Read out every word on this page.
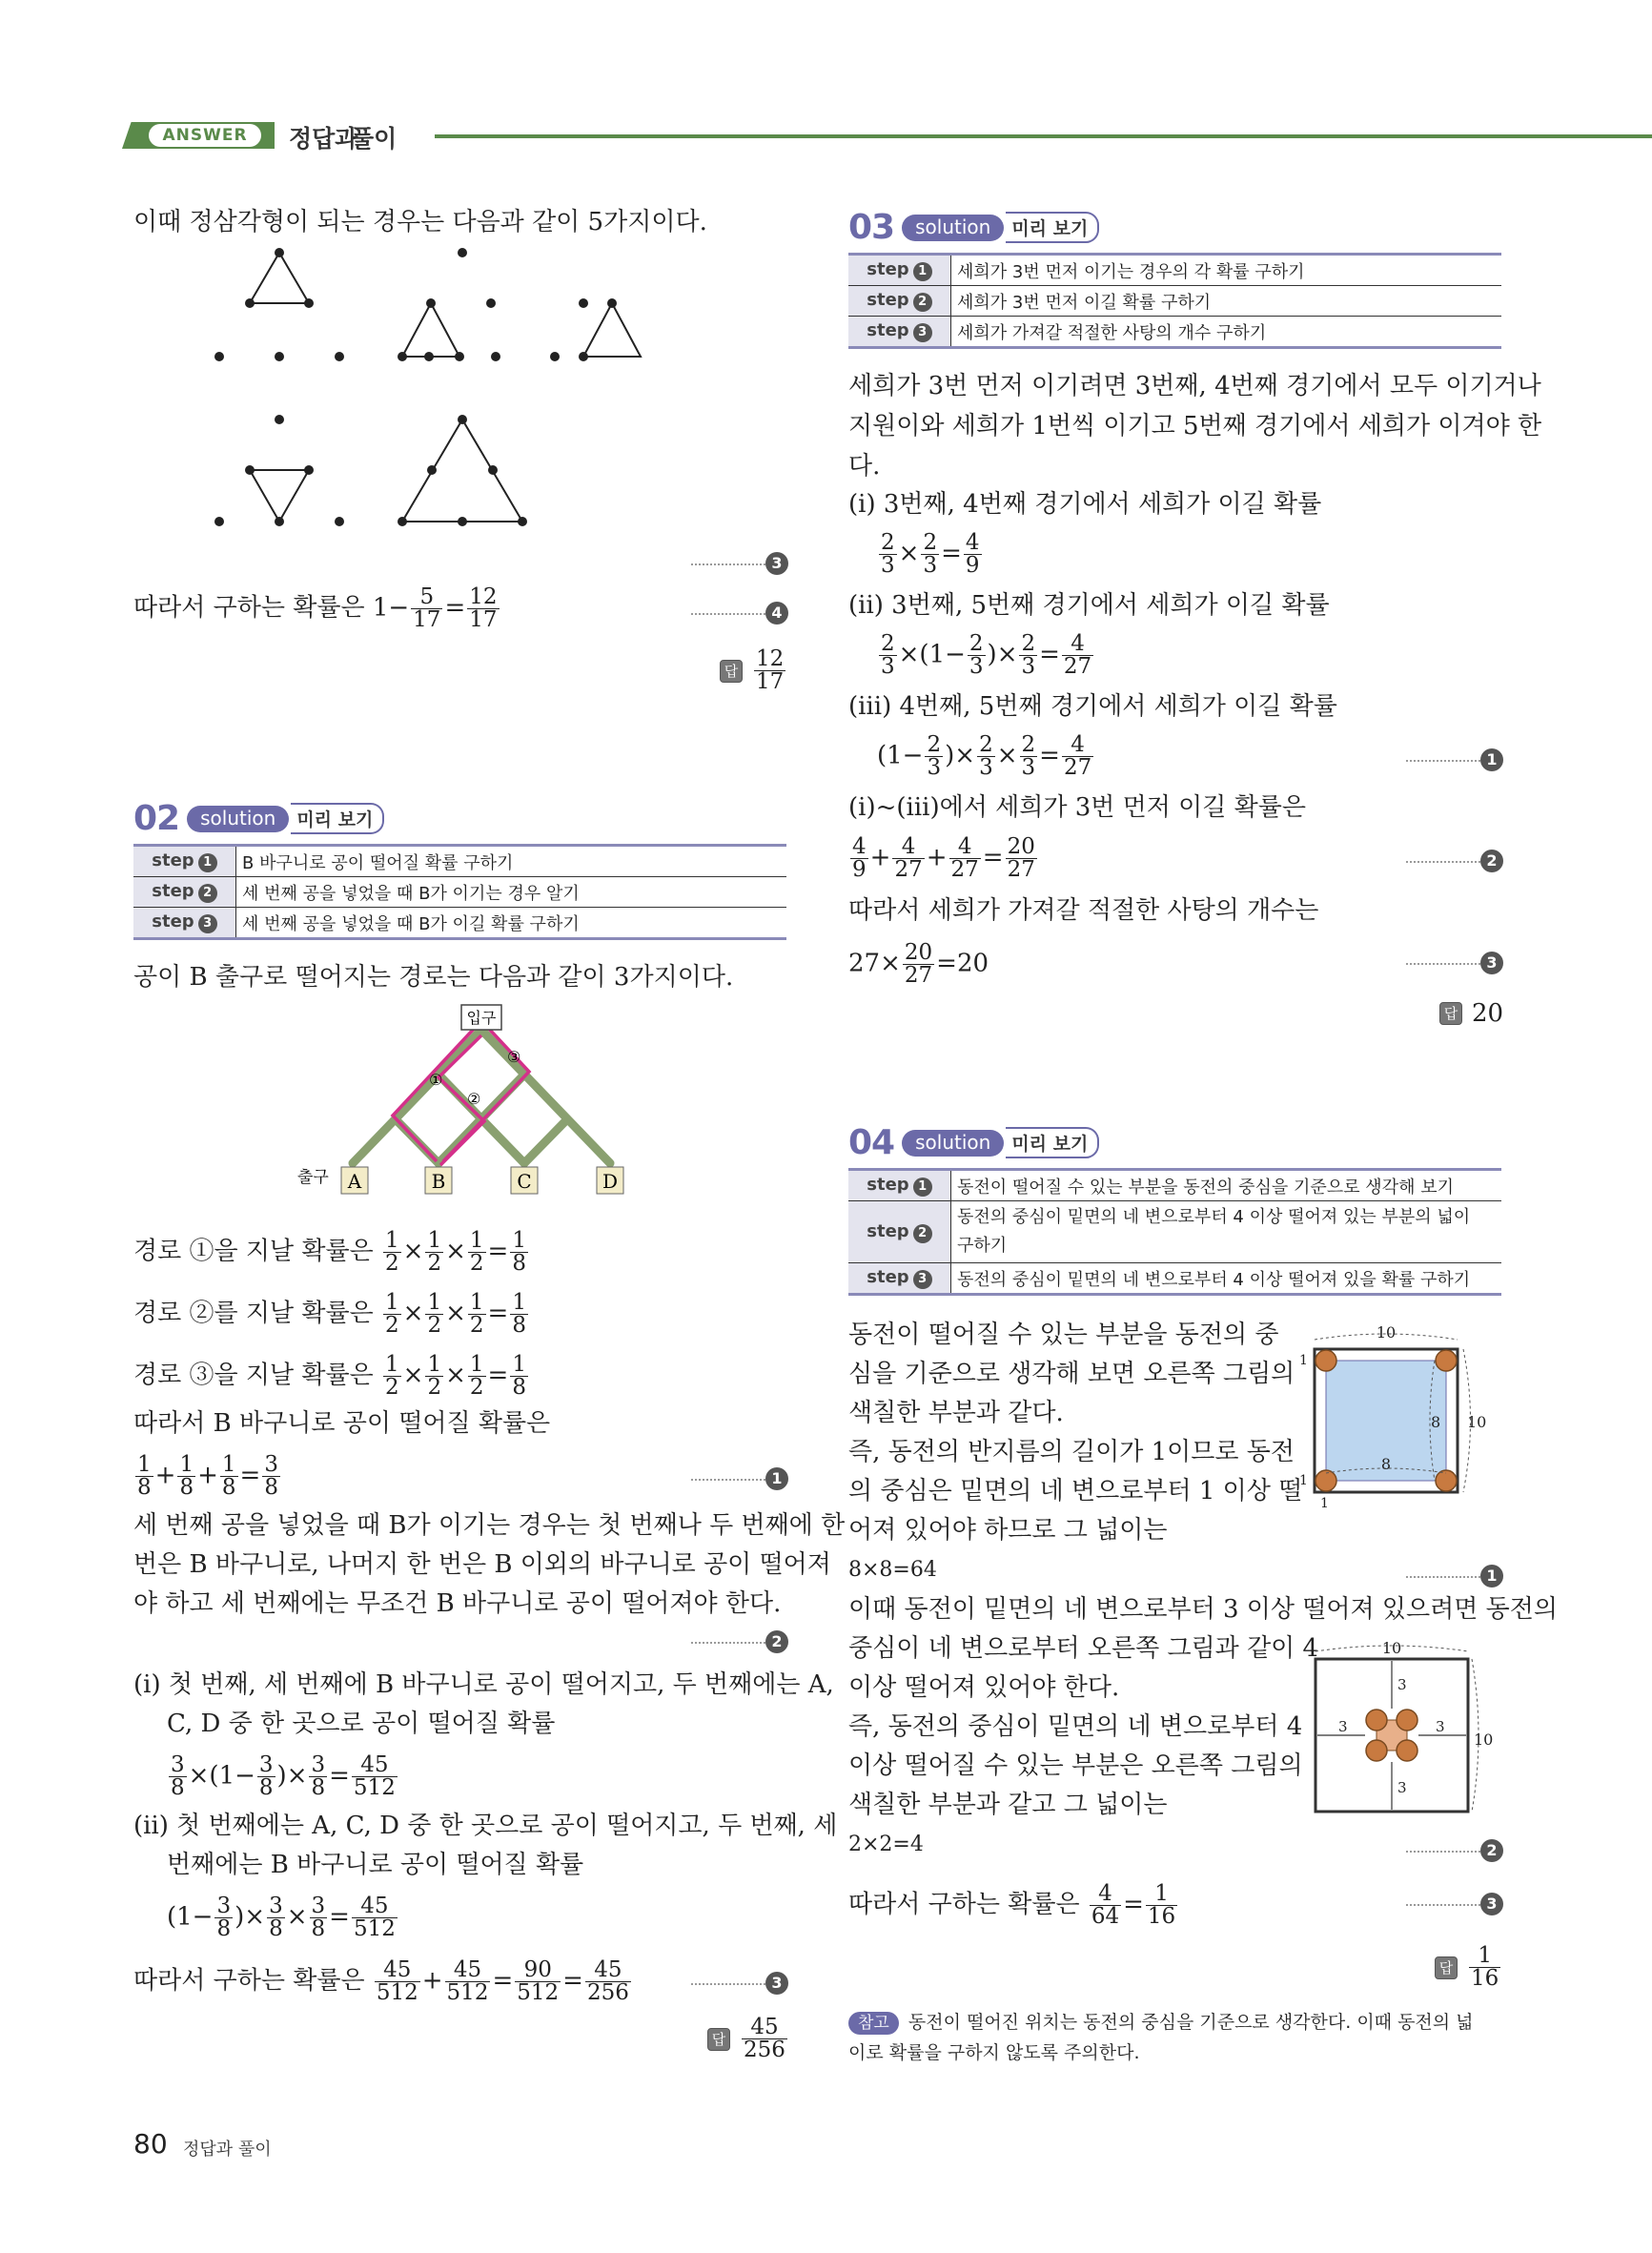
ANSWER	정답과
풀이
이때 정삼각형이 되는 경우는 다음과 같이 5가지이다.
3
따라서 구하는 확률은 $1- \frac{5}{17} = \frac{12}{17}$	4
답 $\frac{12}{17}$
02	solution	미리 보기
step 1	B 바구니로 공이 떨어질 확률 구하기
step 2	세 번째 공을 넣었을 때 B가 이기는 경우 알기
step 3	세 번째 공을 넣었을 때 B가 이길 확률 구하기
공이 B 출구로 떨어지는 경로는 다음과 같이 3가지이다.
입구
①
②
③
출구 A	B	C	D
경로 ①을 지날 확률은 $\frac{1}{2} \times \frac{1}{2} \times \frac{1}{2} = \frac{1}{8}$
경로 ②를 지날 확률은 $\frac{1}{2} \times \frac{1}{2} \times \frac{1}{2} = \frac{1}{8}$
경로 ③을 지날 확률은 $\frac{1}{2} \times \frac{1}{2} \times \frac{1}{2} = \frac{1}{8}$
따라서 B 바구니로 공이 떨어질 확률은
$\frac{1}{8} + \frac{1}{8} + \frac{1}{8} = \frac{3}{8}$	1
세 번째 공을 넣었을 때 B가 이기는 경우는 첫 번째나 두 번째에 한
번은 B 바구니로, 나머지 한 번은 B 이외의 바구니로 공이 떨어져
야 하고 세 번째에는 무조건 B 바구니로 공이 떨어져야 한다.
2
(ⅰ) 첫 번째, 세 번째에 B 바구니로 공이 떨어지고, 두 번째에는 A,
C, D 중 한 곳으로 공이 떨어질 확률
$\frac{3}{8} \times(1- \frac{3}{8}$ )× $\frac{3}{8} = \frac{45}{512}$
(ⅱ) 첫 번째에는 A, C, D 중 한 곳으로 공이 떨어지고, 두 번째, 세
번째에는 B 바구니로 공이 떨어질 확률
($1- \frac{3}{8}$ )× $\frac{3}{8} \times \frac{3}{8} = \frac{45}{512}$
따라서 구하는 확률은 $\frac{45}{512} + \frac{45}{512} = \frac{90}{512} = \frac{45}{256}$	3
답 $\frac{45}{256}$
80 정답과 풀이
03	solution	미리 보기
step 1	세희가 3번 먼저 이기는 경우의 각 확률 구하기
step 2	세희가 3번 먼저 이길 확률 구하기
step 3	세희가 가져갈 적절한 사탕의 개수 구하기
세희가 3번 먼저 이기려면 3번째, 4번째 경기에서 모두 이기거나
지원이와 세희가 1번씩 이기고 5번째 경기에서 세희가 이겨야 한
다.
(ⅰ) 3번째, 4번째 경기에서 세희가 이길 확률
$\frac{2}{3} \times \frac{2}{3} = \frac{4}{9}$
(ⅱ) 3번째, 5번째 경기에서 세희가 이길 확률
$\frac{2}{3} \times(1- \frac{2}{3}$ )× $\frac{2}{3} = \frac{4}{27}$
(ⅲ) 4번째, 5번째 경기에서 세희가 이길 확률
($1- \frac{2}{3}$ )× $\frac{2}{3} \times \frac{2}{3} = \frac{4}{27}$	1
(ⅰ)~(ⅲ)에서 세희가 3번 먼저 이길 확률은
$\frac{4}{9} + \frac{4}{27} + \frac{4}{27} = \frac{20}{27}$	2
따라서 세희가 가져갈 적절한 사탕의 개수는
$27\times \frac{20}{27} =20$	3
답 20
04	solution	미리 보기
step 1	동전이 떨어질 수 있는 부분을 동전의 중심을 기준으로 생각해 보기
step 2	동전의 중심이 밑면의 네 변으로부터 4 이상 떨어져 있는 부분의 넓이
구하기
step 3	동전의 중심이 밑면의 네 변으로부터 4 이상 떨어져 있을 확률 구하기
동전이 떨어질 수 있는 부분을 동전의 중
심을 기준으로 생각해 보면 오른쪽 그림의
색칠한 부분과 같다.
즉, 동전의 반지름의 길이가 1이므로 동전
의 중심은 밑면의 네 변으로부터 1 이상 떨
어져 있어야 하므로 그 넓이는
10
8
8 10
1
1
1
8×8=64	1
이때 동전이 밑면의 네 변으로부터 3 이상 떨어져 있으려면 동전의
중심이 네 변으로부터 오른쪽 그림과 같이 4
이상 떨어져 있어야 한다.
즉, 동전의 중심이 밑면의 네 변으로부터 4
이상 떨어질 수 있는 부분은 오른쪽 그림의
색칠한 부분과 같고 그 넓이는
10
3
3
3	3
10
2×2=4	2
따라서 구하는 확률은 $\frac{4}{64} = \frac{1}{16}$	3
답 $\frac{1}{16}$
참고 동전이 떨어진 위치는 동전의 중심을 기준으로 생각한다. 이때 동전의 넓
이로 확률을 구하지 않도록 주의한다.
